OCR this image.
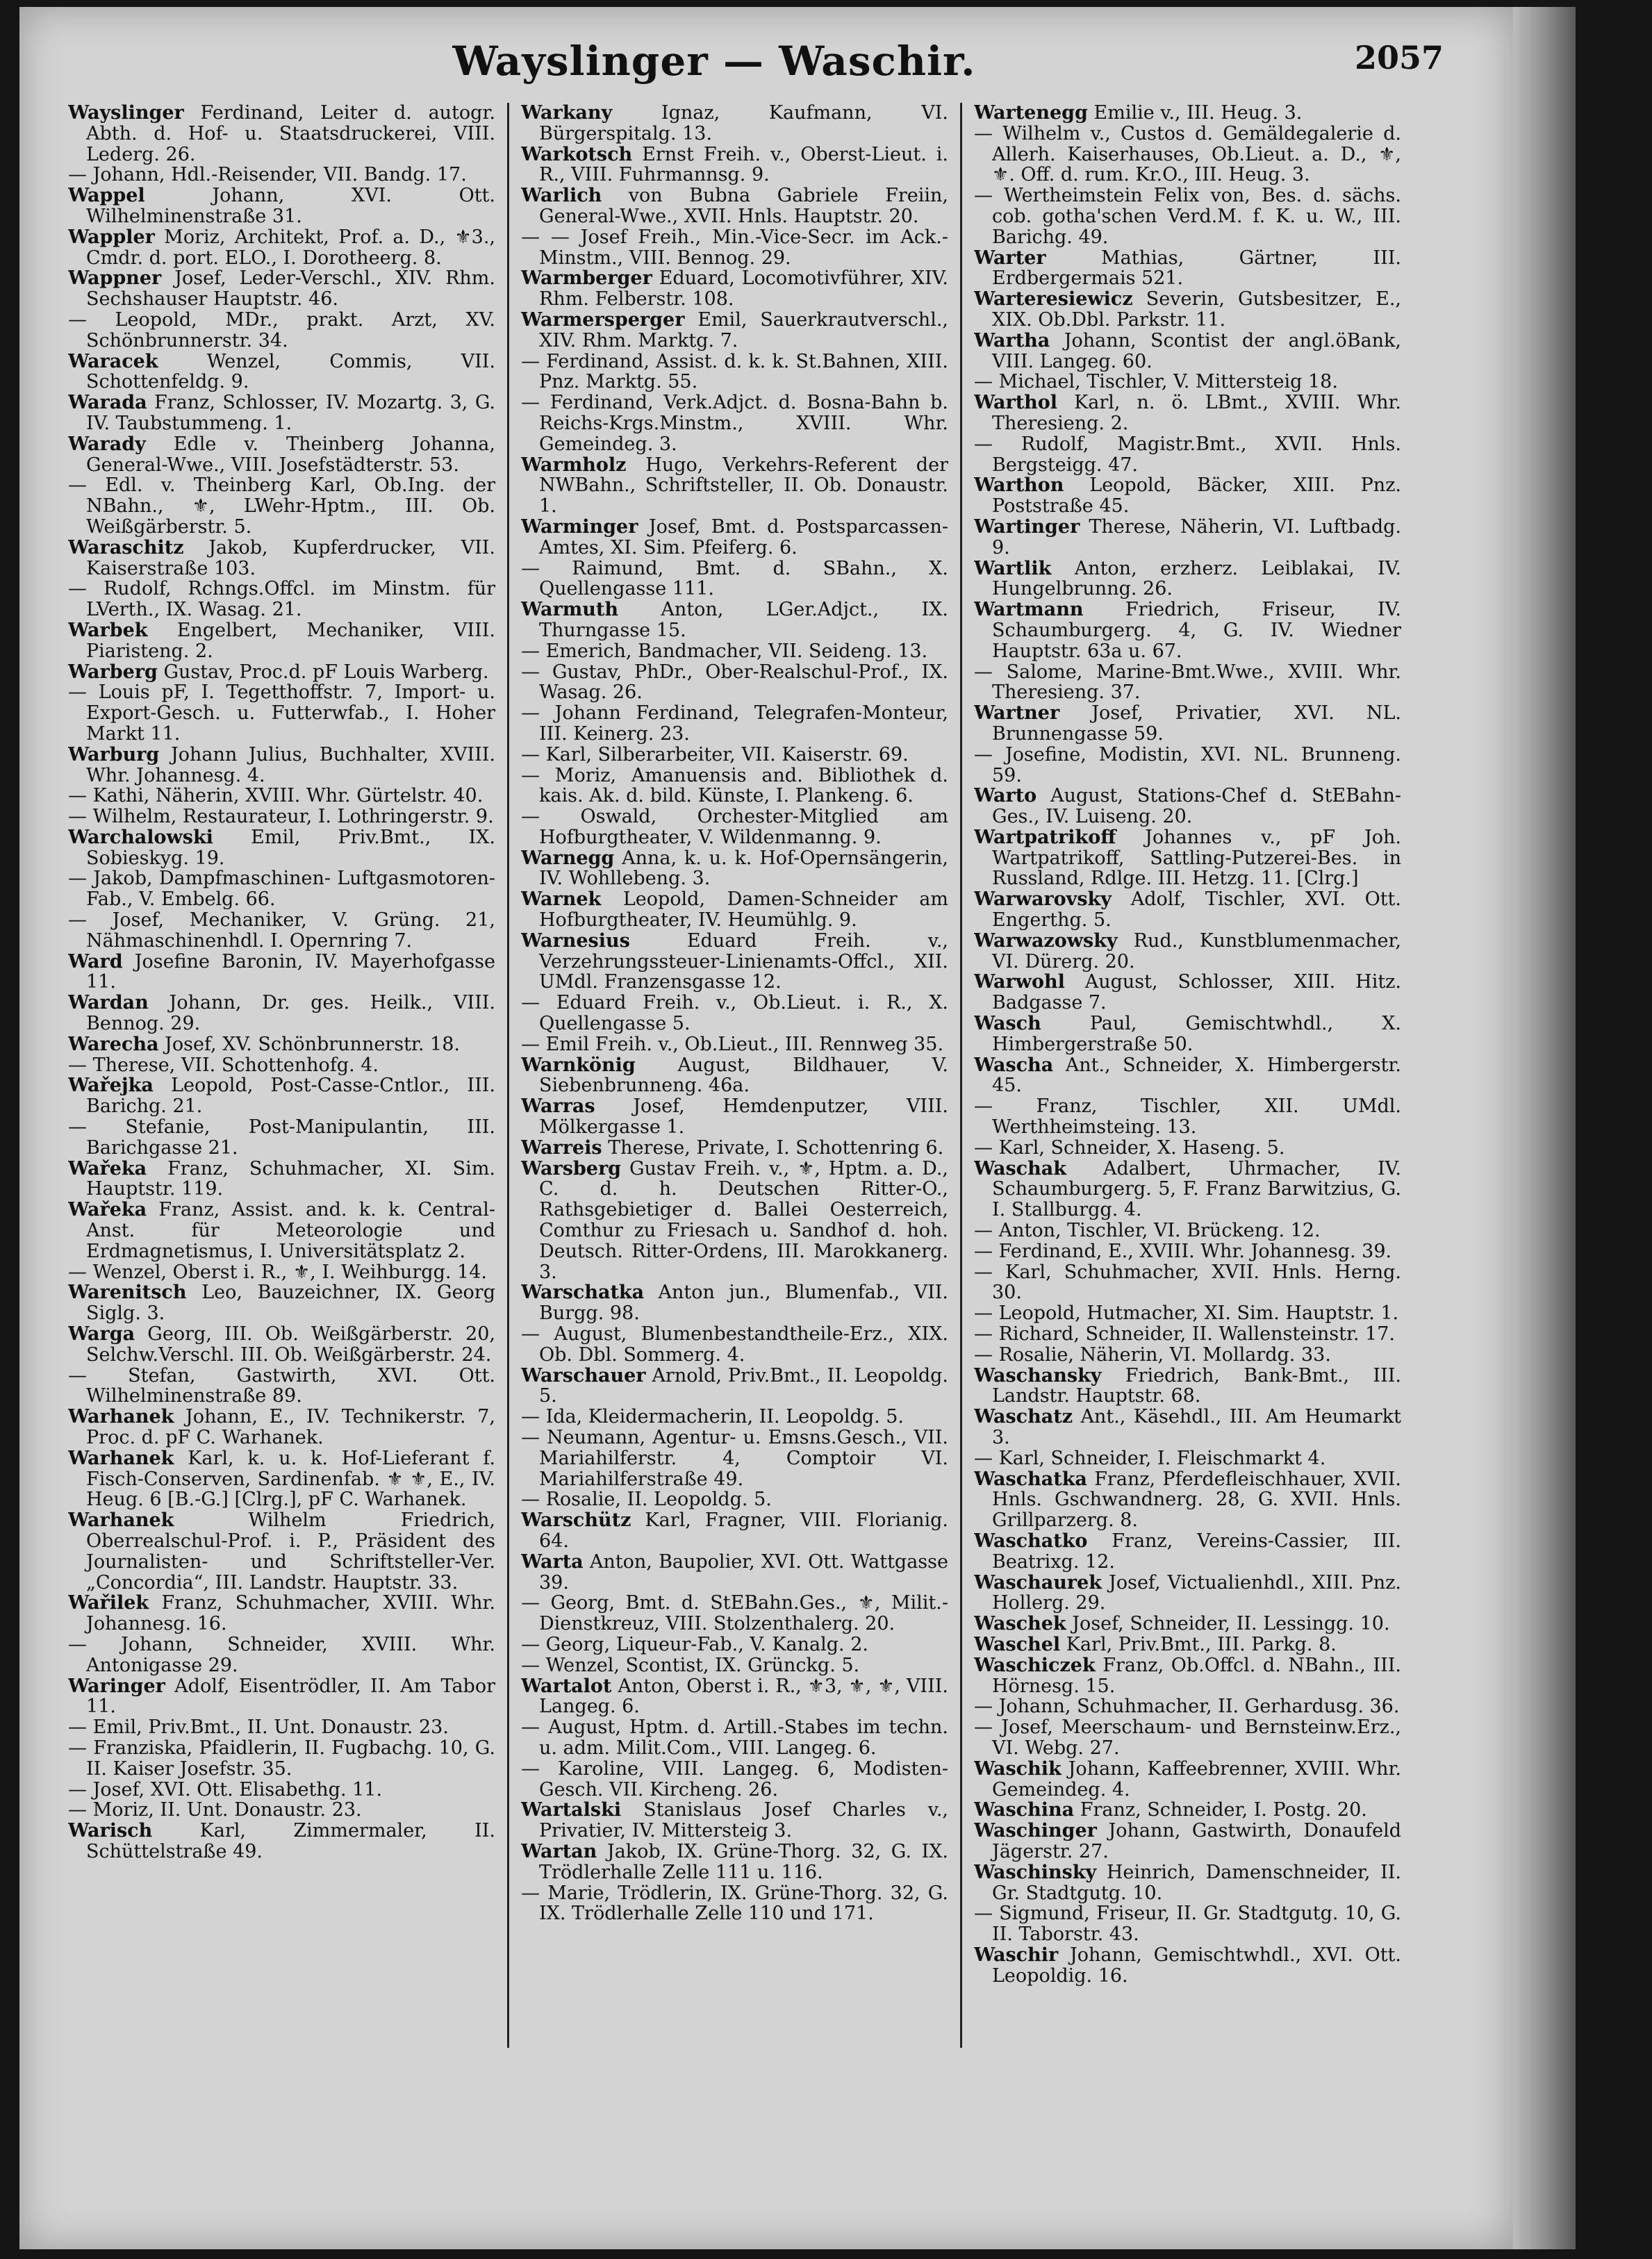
Wayslinger — Waschir.	2057

Wayslinger Ferdinand, Leiter d. autogr. Abth. d. Hof- u. Staatsdruckerei, VIII. Lederg. 26.

— Johann, Hdl.-Reisender, VII. Bandg. 17.

Wappel	Johann, XVI. Ott. Wilhelminenstraße 31.

Wappler Moriz, Architekt, Prof. a. D., ⚜3., Cmdr. d. port. ELO., I. Dorotheerg. 8.

Wappner Josef, Leder-Verschl., XIV. Rhm. Sechshauser Hauptstr. 46.

— Leopold, MDr., prakt. Arzt, XV. Schönbrunnerstr. 34.

Waracek	Wenzel, Commis, VII. Schottenfeldg. 9.

Warada Franz, Schlosser, IV. Mozartg. 3, G. IV. Taubstummeng. 1.

Warady Edle v. Theinberg Johanna, General-Wwe., VIII. Josefstädterstr. 53.

— Edl. v. Theinberg Karl, Ob.Ing. der NBahn., ⚜, LWehr-Hptm., III. Ob. Weißgärberstr. 5.

Waraschitz Jakob, Kupferdrucker, VII. Kaiserstraße 103.

— Rudolf, Rchngs.Offcl. im Minstm. für LVerth., IX. Wasag. 21.

Warbek Engelbert, Mechaniker, VIII. Piaristeng. 2.

Warberg Gustav, Proc.d. pF Louis Warberg.

— Louis pF, I. Tegetthoffstr. 7, Import- u. Export-Gesch. u. Futterwfab., I. Hoher Markt 11.

Warburg Johann Julius, Buchhalter, XVIII. Whr. Johannesg. 4.

— Kathi, Näherin, XVIII. Whr. Gürtelstr. 40.

— Wilhelm, Restaurateur, I. Lothringerstr. 9.

Warchalowski Emil, Priv.Bmt., IX. Sobieskyg. 19.

— Jakob, Dampfmaschinen- Luftgasmotoren-Fab., V. Embelg. 66.

— Josef, Mechaniker, V. Grüng. 21, Nähmaschinenhdl. I. Opernring 7.

Ward Josefine Baronin, IV. Mayerhofgasse 11.

Wardan Johann, Dr. ges. Heilk., VIII. Bennog. 29.

Warecha Josef, XV. Schönbrunnerstr. 18.

— Therese, VII. Schottenhofg. 4.

Wařejka Leopold, Post-Casse-Cntlor., III. Barichg. 21.

— Stefanie, Post-Manipulantin, III. Barichgasse 21.

Wařeka Franz, Schuhmacher, XI. Sim. Hauptstr. 119.

Wařeka Franz, Assist. and. k. k. Central-Anst. für Meteorologie und Erdmagnetismus, I. Universitätsplatz 2.

— Wenzel, Oberst i. R., ⚜, I. Weihburgg. 14.

Warenitsch Leo, Bauzeichner, IX. Georg Siglg. 3.

Warga Georg, III. Ob. Weißgärberstr. 20, Selchw.Verschl. III. Ob. Weißgärberstr. 24.

— Stefan, Gastwirth, XVI. Ott. Wilhelminenstraße 89.

Warhanek Johann, E., IV. Technikerstr. 7, Proc. d. pF C. Warhanek.

Warhanek Karl, k. u. k. Hof-Lieferant f. Fisch-Conserven, Sardinenfab. ⚜ ⚜, E., IV. Heug. 6 [B.-G.] [Clrg.], pF C. Warhanek.

Warhanek	Wilhelm Friedrich, Oberrealschul-Prof. i. P., Präsident des Journalisten- und Schriftsteller-Ver. „Concordia“, III. Landstr. Hauptstr. 33.

Wařilek Franz, Schuhmacher, XVIII. Whr. Johannesg. 16.

— Johann, Schneider, XVIII. Whr. Antonigasse 29.

Waringer Adolf, Eisentrödler, II. Am Tabor 11.

— Emil, Priv.Bmt., II. Unt. Donaustr. 23.

— Franziska, Pfaidlerin, II. Fugbachg. 10, G. II. Kaiser Josefstr. 35.

— Josef, XVI. Ott. Elisabethg. 11.

— Moriz, II. Unt. Donaustr. 23.

Warisch	Karl, Zimmermaler, II. Schüttelstraße 49.

Warkany	Ignaz, Kaufmann, VI. Bürgerspitalg. 13.

Warkotsch Ernst Freih. v., Oberst-Lieut. i. R., VIII. Fuhrmannsg. 9.

Warlich von Bubna Gabriele Freiin, General-Wwe., XVII. Hnls. Hauptstr. 20.

— — Josef Freih., Min.-Vice-Secr. im Ack.-Minstm., VIII. Bennog. 29.

Warmberger Eduard, Locomotivführer, XIV. Rhm. Felberstr. 108.

Warmersperger Emil, Sauerkrautverschl., XIV. Rhm. Marktg. 7.

— Ferdinand, Assist. d. k. k. St.Bahnen, XIII. Pnz. Marktg. 55.

— Ferdinand, Verk.Adjct. d. Bosna-Bahn b. Reichs-Krgs.Minstm., XVIII. Whr. Gemeindeg. 3.

Warmholz Hugo, Verkehrs-Referent der NWBahn., Schriftsteller, II. Ob. Donaustr. 1.

Warminger Josef, Bmt. d. Postsparcassen-Amtes, XI. Sim. Pfeiferg. 6.

— Raimund, Bmt. d. SBahn., X. Quellengasse 111.

Warmuth Anton, LGer.Adjct., IX. Thurngasse 15.

— Emerich, Bandmacher, VII. Seideng. 13.

— Gustav, PhDr., Ober-Realschul-Prof., IX. Wasag. 26.

— Johann Ferdinand, Telegrafen-Monteur, III. Keinerg. 23.

— Karl, Silberarbeiter, VII. Kaiserstr. 69.

— Moriz, Amanuensis and. Bibliothek d. kais. Ak. d. bild. Künste, I. Plankeng. 6.

— Oswald, Orchester-Mitglied am Hofburgtheater, V. Wildenmanng. 9.

Warnegg Anna, k. u. k. Hof-Opernsängerin, IV. Wohllebeng. 3.

Warnek Leopold, Damen-Schneider am Hofburgtheater, IV. Heumühlg. 9.

Warnesius	Eduard Freih. v., Verzehrungssteuer-Linienamts-Offcl., XII. UMdl. Franzensgasse 12.

— Eduard Freih. v., Ob.Lieut. i. R., X. Quellengasse 5.

— Emil Freih. v., Ob.Lieut., III. Rennweg 35.

Warnkönig August, Bildhauer, V. Siebenbrunneng. 46a.

Warras Josef, Hemdenputzer, VIII. Mölkergasse 1.

Warreis Therese, Private, I. Schottenring 6.

Warsberg Gustav Freih. v., ⚜, Hptm. a. D., C. d. h. Deutschen Ritter-O., Rathsgebietiger d. Ballei Oesterreich, Comthur zu Friesach u. Sandhof d. hoh. Deutsch. Ritter-Ordens, III. Marokkanerg. 3.

Warschatka Anton jun., Blumenfab., VII. Burgg. 98.

— August, Blumenbestandtheile-Erz., XIX. Ob. Dbl. Sommerg. 4.

Warschauer Arnold, Priv.Bmt., II. Leopoldg. 5.

— Ida, Kleidermacherin, II. Leopoldg. 5.

— Neumann, Agentur- u. Emsns.Gesch., VII. Mariahilferstr. 4, Comptoir VI. Mariahilferstraße 49.

— Rosalie, II. Leopoldg. 5.

Warschütz Karl, Fragner, VIII. Florianig. 64.

Warta Anton, Baupolier, XVI. Ott. Wattgasse 39.

— Georg, Bmt. d. StEBahn.Ges., ⚜, Milit.-Dienstkreuz, VIII. Stolzenthalerg. 20.

— Georg, Liqueur-Fab., V. Kanalg. 2.

— Wenzel, Scontist, IX. Grünckg. 5.

Wartalot Anton, Oberst i. R., ⚜3, ⚜, ⚜, VIII. Langeg. 6.

— August, Hptm. d. Artill.-Stabes im techn. u. adm. Milit.Com., VIII. Langeg. 6.

— Karoline, VIII. Langeg. 6, Modisten-Gesch. VII. Kircheng. 26.

Wartalski Stanislaus Josef Charles v., Privatier, IV. Mittersteig 3.

Wartan Jakob, IX. Grüne-Thorg. 32, G. IX. Trödlerhalle Zelle 111 u. 116.

— Marie, Trödlerin, IX. Grüne-Thorg. 32, G. IX. Trödlerhalle Zelle 110 und 171.

Wartenegg Emilie v., III. Heug. 3.

— Wilhelm v., Custos d. Gemäldegalerie d. Allerh. Kaiserhauses, Ob.Lieut. a. D., ⚜, ⚜. Off. d. rum. Kr.O., III. Heug. 3.

— Wertheimstein Felix von, Bes. d. sächs. cob. gotha'schen Verd.M. f. K. u. W., III. Barichg. 49.

Warter	Mathias, Gärtner, III. Erdbergermais 521.

Warteresiewicz Severin, Gutsbesitzer, E., XIX. Ob.Dbl. Parkstr. 11.

Wartha Johann, Scontist der angl.öBank, VIII. Langeg. 60.

— Michael, Tischler, V. Mittersteig 18.

Warthol Karl, n. ö. LBmt., XVIII. Whr. Theresieng. 2.

— Rudolf, Magistr.Bmt., XVII. Hnls. Bergsteigg. 47.

Warthon Leopold, Bäcker, XIII. Pnz. Poststraße 45.

Wartinger Therese, Näherin, VI. Luftbadg. 9.

Wartlik Anton, erzherz. Leiblakai, IV. Hungelbrunng. 26.

Wartmann Friedrich, Friseur, IV. Schaumburgerg. 4, G. IV. Wiedner Hauptstr. 63a u. 67.

— Salome, Marine-Bmt.Wwe., XVIII. Whr. Theresieng. 37.

Wartner Josef, Privatier, XVI. NL. Brunnengasse 59.

— Josefine, Modistin, XVI. NL. Brunneng. 59.

Warto August, Stations-Chef d. StEBahn-Ges., IV. Luiseng. 20.

Wartpatrikoff Johannes v., pF Joh. Wartpatrikoff, Sattling-Putzerei-Bes. in Russland, Rdlge. III. Hetzg. 11. [Clrg.]

Warwarovsky Adolf, Tischler, XVI. Ott. Engerthg. 5.

Warwazowsky Rud., Kunstblumenmacher, VI. Dürerg. 20.

Warwohl August, Schlosser, XIII. Hitz. Badgasse 7.

Wasch	Paul, Gemischtwhdl., X. Himbergerstraße 50.

Wascha Ant., Schneider, X. Himbergerstr. 45.

— Franz, Tischler, XII. UMdl. Werthheimsteing. 13.

— Karl, Schneider, X. Haseng. 5.

Waschak Adalbert, Uhrmacher, IV. Schaumburgerg. 5, F. Franz Barwitzius, G. I. Stallburgg. 4.

— Anton, Tischler, VI. Brückeng. 12.

— Ferdinand, E., XVIII. Whr. Johannesg. 39.

— Karl, Schuhmacher, XVII. Hnls. Herng. 30.

— Leopold, Hutmacher, XI. Sim. Hauptstr. 1.

— Richard, Schneider, II. Wallensteinstr. 17.

— Rosalie, Näherin, VI. Mollardg. 33.

Waschansky Friedrich, Bank-Bmt., III. Landstr. Hauptstr. 68.

Waschatz Ant., Käsehdl., III. Am Heumarkt 3.

— Karl, Schneider, I. Fleischmarkt 4.

Waschatka Franz, Pferdefleischhauer, XVII. Hnls. Gschwandnerg. 28, G. XVII. Hnls. Grillparzerg. 8.

Waschatko Franz, Vereins-Cassier, III. Beatrixg. 12.

Waschaurek Josef, Victualienhdl., XIII. Pnz. Hollerg. 29.

Waschek Josef, Schneider, II. Lessingg. 10.

Waschel Karl, Priv.Bmt., III. Parkg. 8.

Waschiczek Franz, Ob.Offcl. d. NBahn., III. Hörnesg. 15.

— Johann, Schuhmacher, II. Gerhardusg. 36.

— Josef, Meerschaum- und Bernsteinw.Erz., VI. Webg. 27.

Waschik Johann, Kaffeebrenner, XVIII. Whr. Gemeindeg. 4.

Waschina Franz, Schneider, I. Postg. 20.

Waschinger Johann, Gastwirth, Donaufeld Jägerstr. 27.

Waschinsky Heinrich, Damenschneider, II. Gr. Stadtgutg. 10.

— Sigmund, Friseur, II. Gr. Stadtgutg. 10, G. II. Taborstr. 43.

Waschir Johann, Gemischtwhdl., XVI. Ott. Leopoldig. 16.
